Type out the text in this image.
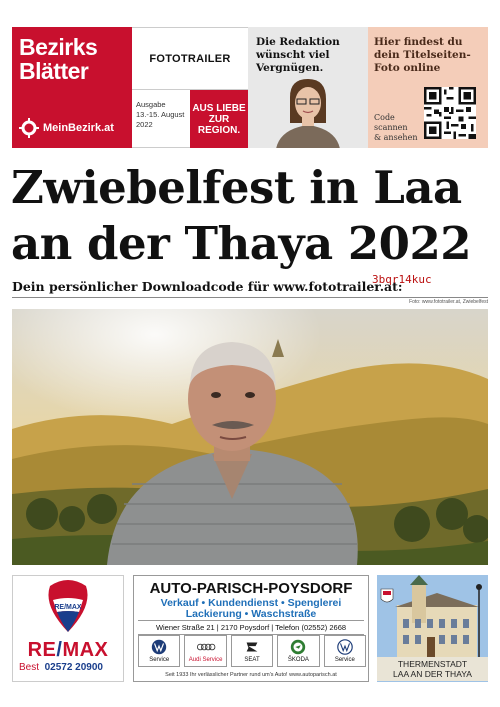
Bezirks
Blätter
MeinBezirk.at
FOTOTRAILER
Ausgabe
13.-15. August
2022
AUS LIEBE
ZUR
REGION.
Die Redaktion
wünscht viel
Vergnügen.
Hier findest du
dein Titelseiten-
Foto online
Code
scannen
& ansehen
Zwiebelfest in Laa
an der Thaya 2022
Dein persönlicher Downloadcode für www.fototrailer.at:
3bqr14kuc
Foto: www.fototrailer.at, Zwiebelfest
RE/MAX
RE/MAX
Best 02572 20900
AUTO-PARISCH-POYSDORF
Verkauf • Kundendienst • Spenglerei
Lackierung • Waschstraße
Wiener Straße 21 | 2170 Poysdorf | Telefon (02552) 2668
Service	Audi Service	SEAT	ŠKODA	Service
Seit 1933 Ihr verlässlicher Partner rund um's Auto! www.autoparisch.at
THERMENSTADT
LAA AN DER THAYA
